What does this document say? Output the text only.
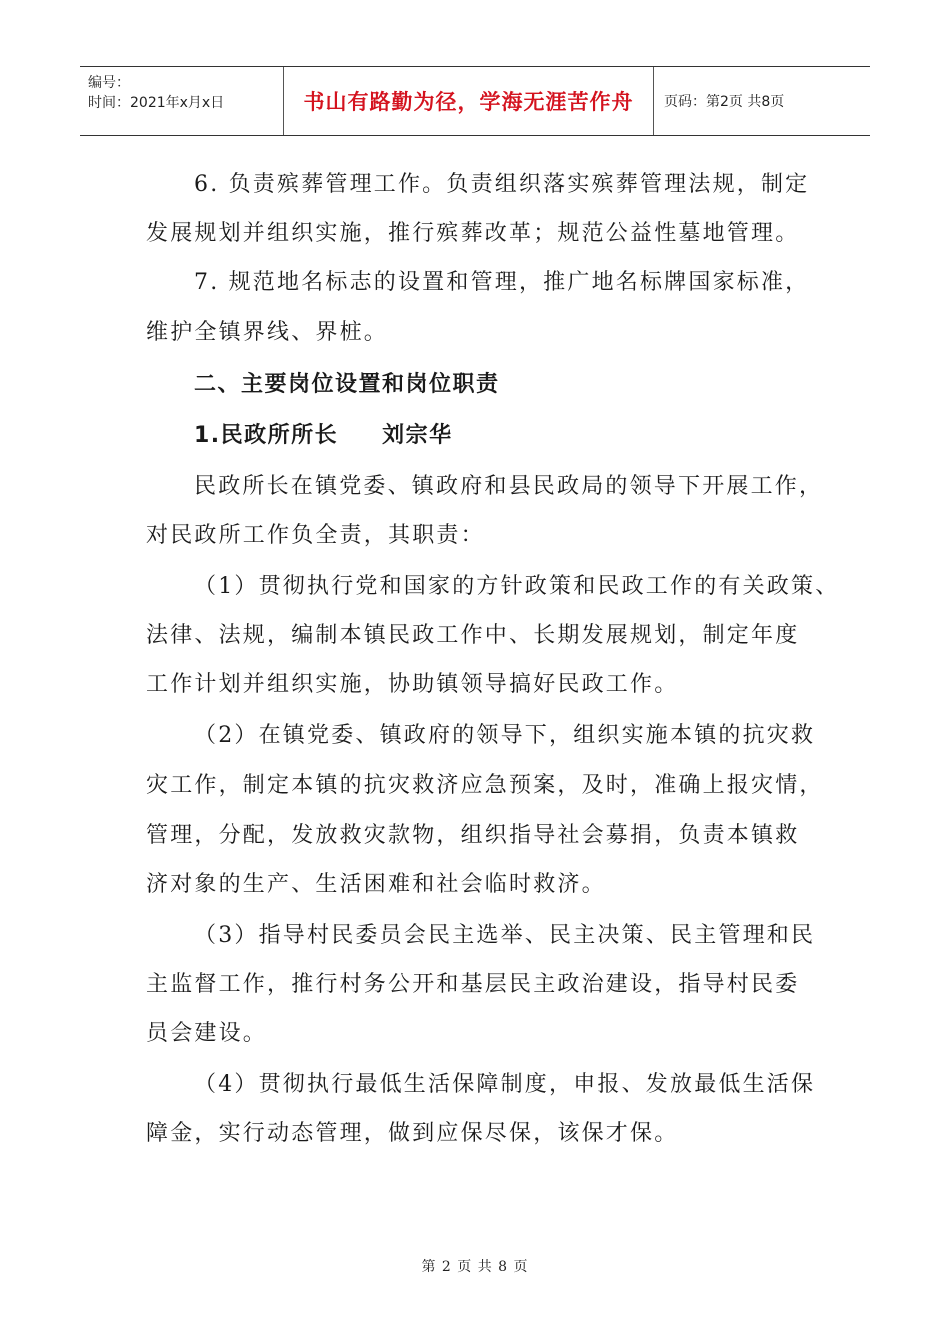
编号：
时间：2021年x月x日	书山有路勤为径，学海无涯苦作舟 页码：第2页 共8页
6. 负责殡葬管理工作。负责组织落实殡葬管理法规，制定
发展规划并组织实施，推行殡葬改革；规范公益性墓地管理。
7. 规范地名标志的设置和管理，推广地名标牌国家标准，
维护全镇界线、界桩。
二、主要岗位设置和岗位职责
1.民政所所长 刘宗华
民政所长在镇党委、镇政府和县民政局的领导下开展工作，
对民政所工作负全责，其职责：
（1）贯彻执行党和国家的方针政策和民政工作的有关政策、
法律、法规，编制本镇民政工作中、长期发展规划，制定年度
工作计划并组织实施，协助镇领导搞好民政工作。
（2）在镇党委、镇政府的领导下，组织实施本镇的抗灾救
灾工作，制定本镇的抗灾救济应急预案，及时，准确上报灾情，
管理，分配，发放救灾款物，组织指导社会募捐，负责本镇救
济对象的生产、生活困难和社会临时救济。
（3）指导村民委员会民主选举、民主决策、民主管理和民
主监督工作，推行村务公开和基层民主政治建设，指导村民委
员会建设。
（4）贯彻执行最低生活保障制度，申报、发放最低生活保
障金，实行动态管理，做到应保尽保，该保才保。
第 2 页 共 8 页
